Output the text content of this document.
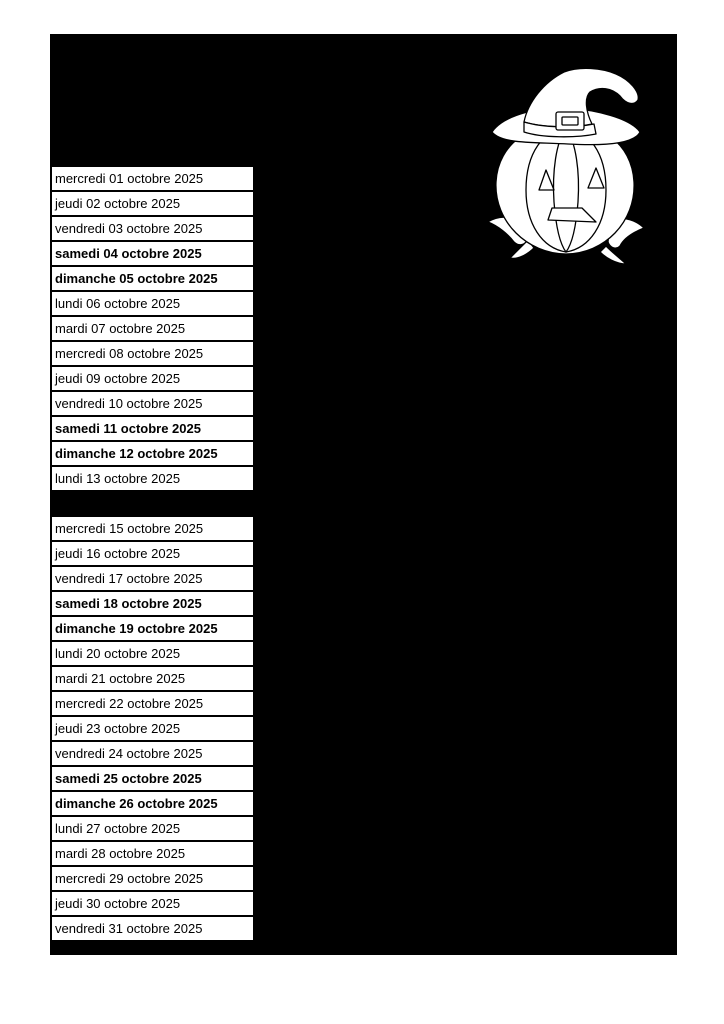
mercredi 01 octobre 2025
jeudi 02 octobre 2025
vendredi 03 octobre 2025
samedi 04 octobre 2025
dimanche 05 octobre 2025
lundi 06 octobre 2025
mardi 07 octobre 2025
mercredi 08 octobre 2025
jeudi 09 octobre 2025
vendredi 10 octobre 2025
samedi 11 octobre 2025
dimanche 12 octobre 2025
lundi 13 octobre 2025
mercredi 15 octobre 2025
jeudi 16 octobre 2025
vendredi 17 octobre 2025
samedi 18 octobre 2025
dimanche 19 octobre 2025
lundi 20 octobre 2025
mardi 21 octobre 2025
mercredi 22 octobre 2025
jeudi 23 octobre 2025
vendredi 24 octobre 2025
samedi 25 octobre 2025
dimanche 26 octobre 2025
lundi 27 octobre 2025
mardi 28 octobre 2025
mercredi 29 octobre 2025
jeudi 30 octobre 2025
vendredi 31 octobre 2025
